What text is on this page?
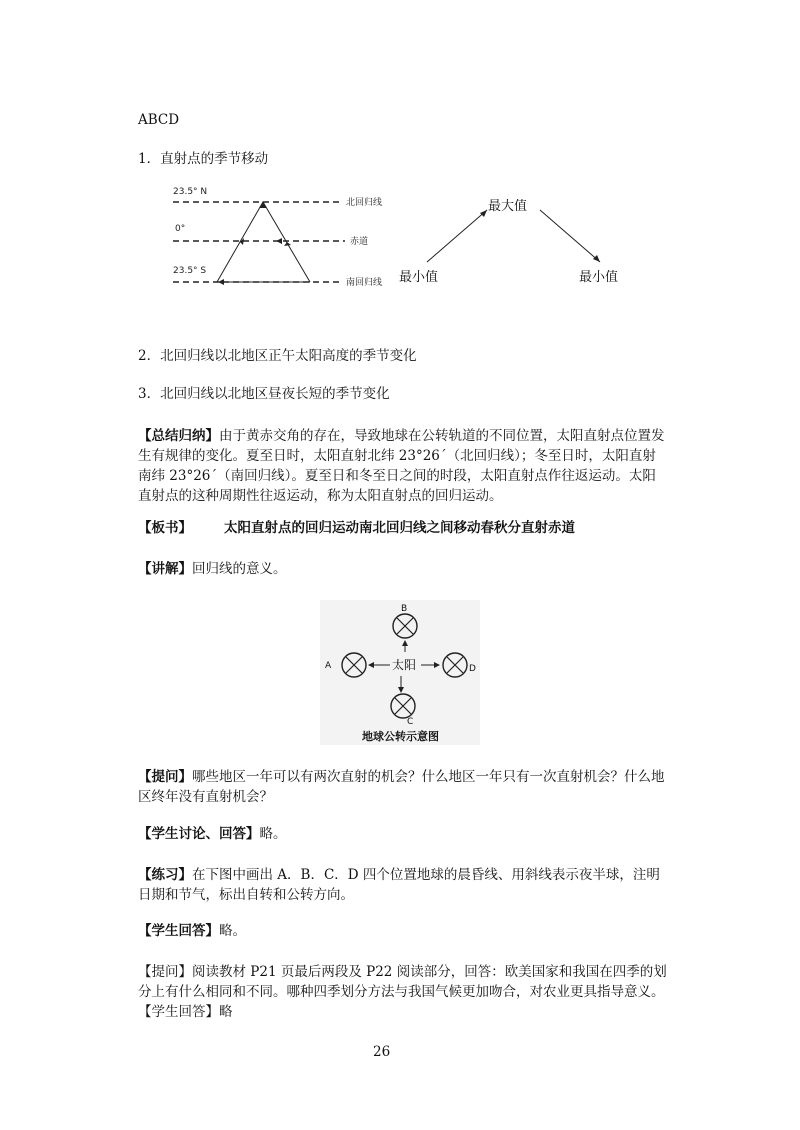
ABCD
1．直射点的季节移动
23.5° N
0°
23.5° S
北回归线
赤道
南回归线
最大值
最小值	最小值
2．北回归线以北地区正午太阳高度的季节变化
3．北回归线以北地区昼夜长短的季节变化
【总结归纳】由于黄赤交角的存在，导致地球在公转轨道的不同位置，太阳直射点位置发生有规律的变化。夏至日时，太阳直射北纬 23°26´（北回归线）；冬至日时，太阳直射南纬 23°26´（南回归线）。夏至日和冬至日之间的时段，太阳直射点作往返运动。太阳直射点的这种周期性往返运动，称为太阳直射点的回归运动。
【板书】 太阳直射点的回归运动南北回归线之间移动春秋分直射赤道
【讲解】回归线的意义。
B
A	太阳	D
C
地球公转示意图
【提问】哪些地区一年可以有两次直射的机会？什么地区一年只有一次直射机会？什么地区终年没有直射机会？
【学生讨论、回答】略。
【练习】在下图中画出 A．B．C．D 四个位置地球的晨昏线、用斜线表示夜半球，注明日期和节气，标出自转和公转方向。
【学生回答】略。
【提问】阅读教材 P21 页最后两段及 P22 阅读部分，回答：欧美国家和我国在四季的划分上有什么相同和不同。哪种四季划分方法与我国气候更加吻合，对农业更具指导意义。
【学生回答】略
26
